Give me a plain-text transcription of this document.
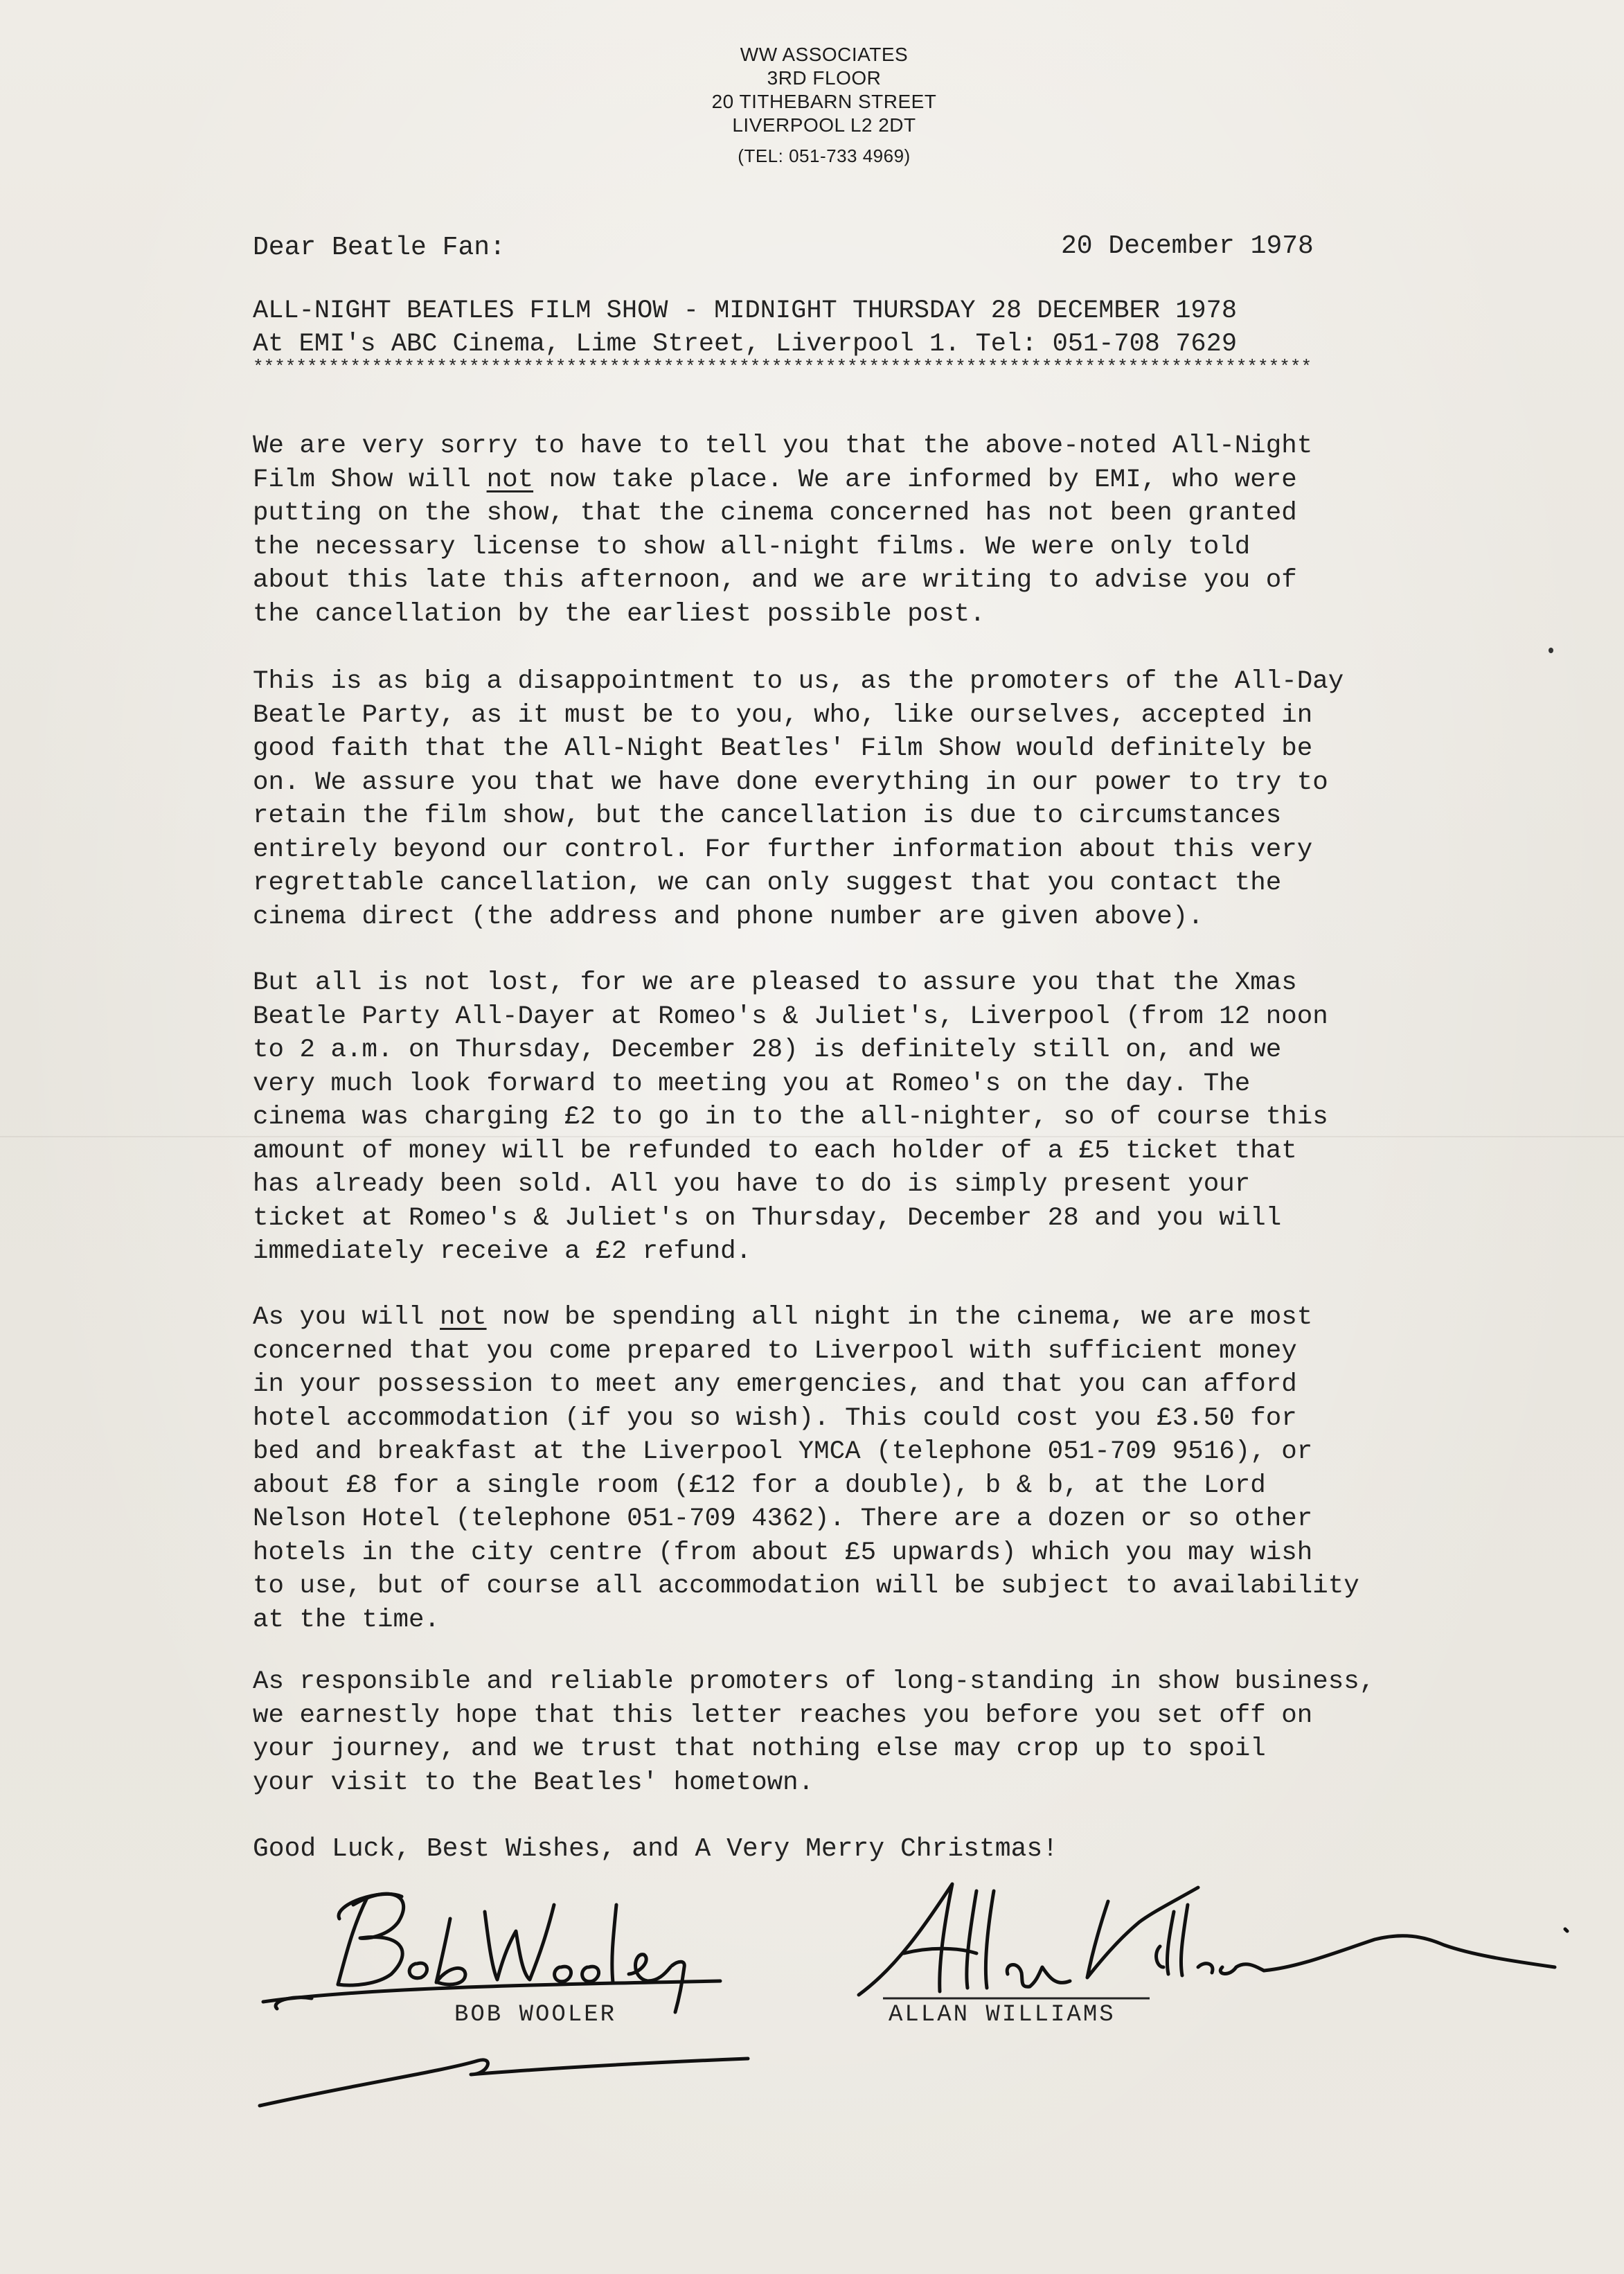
WW ASSOCIATES
3RD FLOOR
20 TITHEBARN STREET
LIVERPOOL L2 2DT
(TEL: 051-733 4969)
Dear Beatle Fan:	20 December 1978
ALL-NIGHT BEATLES FILM SHOW - MIDNIGHT THURSDAY 28 DECEMBER 1978
At EMI's ABC Cinema, Lime Street, Liverpool 1. Tel: 051-708 7629
**************************************************************************************************
We are very sorry to have to tell you that the above-noted All-Night
Film Show will not now take place. We are informed by EMI, who were
putting on the show, that the cinema concerned has not been granted
the necessary license to show all-night films. We were only told
about this late this afternoon, and we are writing to advise you of
the cancellation by the earliest possible post.
This is as big a disappointment to us, as the promoters of the All-Day
Beatle Party, as it must be to you, who, like ourselves, accepted in
good faith that the All-Night Beatles' Film Show would definitely be
on. We assure you that we have done everything in our power to try to
retain the film show, but the cancellation is due to circumstances
entirely beyond our control. For further information about this very
regrettable cancellation, we can only suggest that you contact the
cinema direct (the address and phone number are given above).
But all is not lost, for we are pleased to assure you that the Xmas
Beatle Party All-Dayer at Romeo's & Juliet's, Liverpool (from 12 noon
to 2 a.m. on Thursday, December 28) is definitely still on, and we
very much look forward to meeting you at Romeo's on the day. The
cinema was charging £2 to go in to the all-nighter, so of course this
amount of money will be refunded to each holder of a £5 ticket that
has already been sold. All you have to do is simply present your
ticket at Romeo's & Juliet's on Thursday, December 28 and you will
immediately receive a £2 refund.
As you will not now be spending all night in the cinema, we are most
concerned that you come prepared to Liverpool with sufficient money
in your possession to meet any emergencies, and that you can afford
hotel accommodation (if you so wish). This could cost you £3.50 for
bed and breakfast at the Liverpool YMCA (telephone 051-709 9516), or
about £8 for a single room (£12 for a double), b & b, at the Lord
Nelson Hotel (telephone 051-709 4362). There are a dozen or so other
hotels in the city centre (from about £5 upwards) which you may wish
to use, but of course all accommodation will be subject to availability
at the time.
As responsible and reliable promoters of long-standing in show business,
we earnestly hope that this letter reaches you before you set off on
your journey, and we trust that nothing else may crop up to spoil
your visit to the Beatles' hometown.
Good Luck, Best Wishes, and A Very Merry Christmas!
BOB WOOLER	ALLAN WILLIAMS
